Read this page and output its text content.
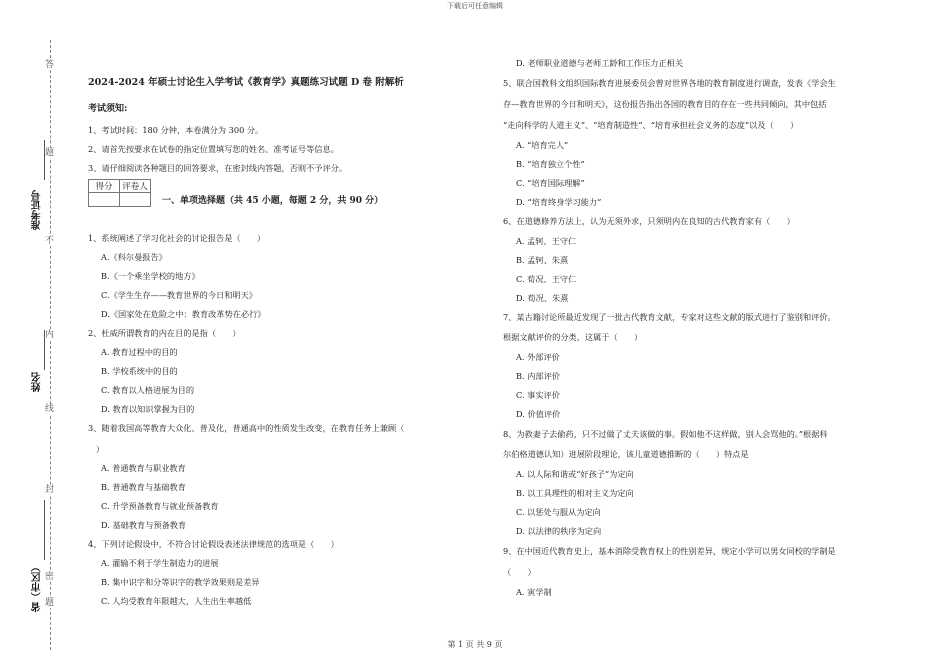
下载后可任意编辑
答
题
不
内
线
封
密
题
准考证号
姓名
省（市区）
2024-2024 年硕士讨论生入学考试《教育学》真题练习试题 D 卷 附解析
考试须知:
1、考试时间：180 分钟，本卷满分为 300 分。
2、请首先按要求在试卷的指定位置填写您的姓名、准考证号等信息。
3、请仔细阅读各种题目的回答要求，在密封线内答题，否则不予评分。
一、单项选择题（共 45 小题，每题 2 分，共 90 分）
1、系统阐述了学习化社会的讨论报告是（　　）
A.《科尔曼报告》
B.《一个乘坐学校的地方》
C.《学生生存——教育世界的今日和明天》
D.《国家处在危险之中：教育改革势在必行》
2、杜威所谓教育的内在目的是指（　　）
A. 教育过程中的目的
B. 学校系统中的目的
C. 教育以人格进展为目的
D. 教育以知识掌握为目的
3、随着我国高等教育大众化、普及化，普通高中的性质发生改变，在教育任务上兼顾（
）
A. 普通教育与职业教育
B. 普通教育与基础教育
C. 升学预备教育与就业预备教育
D. 基础教育与预备教育
4、下列讨论假设中，不符合讨论假设表述法律规范的选项是（　　）
A. 灌输不利于学生制造力的进展
B. 集中识字和分等识字的教学效果则是差异
C. 人均受教育年限越大，人生出生率越低
得分	评卷人

D. 老师职业道德与老师工龄和工作压力正相关
5、联合国教科文组织国际教育进展委员会曾对世界各地的教育制度进行调查，发表《学会生
存—教育世界的今日和明天》，这份报告指出各国的教育目的存在一些共同倾向，其中包括
“走向科学的人道主义”、“培育制造性”、“培育承担社会义务的态度”以及（　　）
A. “培育完人”
B. “培育独立个性”
C. “培育国际理解”
D. “培育终身学习能力”
6、在道德修养方法上，认为无须外求，只须明内在良知的古代教育家有（　　）
A. 孟轲、王守仁
B. 孟轲、朱熹
C. 荀况、王守仁
D. 荀况、朱熹
7、某古籍讨论所最近发现了一批古代教育文献，专家对这些文献的版式进行了鉴别和评价。
根据文献评价的分类，这属于（　　）
A. 外部评价
B. 内部评价
C. 事实评价
D. 价值评价
8、为救妻子去偷药，只不过做了丈夫该做的事。假如他不这样做，别人会骂他的。”根据科
尔伯格道德认知）进展阶段理论，该儿童道德推断的（　　）特点是
A. 以人际和谐或“好孩子”为定向
B. 以工具理性的相对主义为定向
C. 以惩处与服从为定向
D. 以法律的秩序为定向
9、在中国近代教育史上，基本消除受教育权上的性别差异，规定小学可以男女同校的学制是
（　　）
A. 寅学制
第 1 页 共 9 页
